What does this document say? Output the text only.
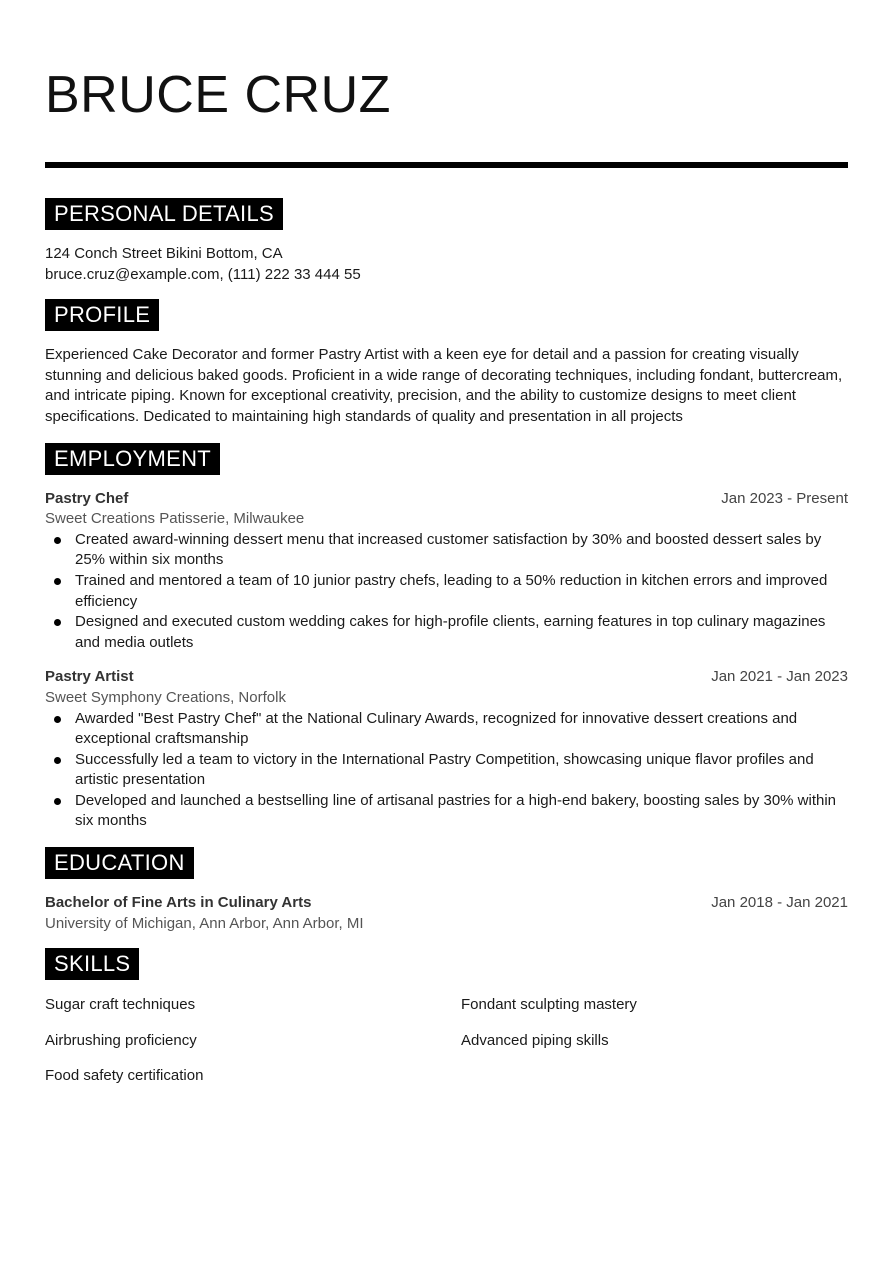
BRUCE CRUZ
PERSONAL DETAILS
124 Conch Street Bikini Bottom, CA
bruce.cruz@example.com, (111) 222 33 444 55
PROFILE
Experienced Cake Decorator and former Pastry Artist with a keen eye for detail and a passion for creating visually stunning and delicious baked goods. Proficient in a wide range of decorating techniques, including fondant, buttercream, and intricate piping. Known for exceptional creativity, precision, and the ability to customize designs to meet client specifications. Dedicated to maintaining high standards of quality and presentation in all projects
EMPLOYMENT
Pastry Chef	Jan 2023 - Present
Sweet Creations Patisserie, Milwaukee
Created award-winning dessert menu that increased customer satisfaction by 30% and boosted dessert sales by 25% within six months
Trained and mentored a team of 10 junior pastry chefs, leading to a 50% reduction in kitchen errors and improved efficiency
Designed and executed custom wedding cakes for high-profile clients, earning features in top culinary magazines and media outlets
Pastry Artist	Jan 2021 - Jan 2023
Sweet Symphony Creations, Norfolk
Awarded "Best Pastry Chef" at the National Culinary Awards, recognized for innovative dessert creations and exceptional craftsmanship
Successfully led a team to victory in the International Pastry Competition, showcasing unique flavor profiles and artistic presentation
Developed and launched a bestselling line of artisanal pastries for a high-end bakery, boosting sales by 30% within six months
EDUCATION
Bachelor of Fine Arts in Culinary Arts	Jan 2018 - Jan 2021
University of Michigan, Ann Arbor, Ann Arbor, MI
SKILLS
Sugar craft techniques	Fondant sculpting mastery
Airbrushing proficiency	Advanced piping skills
Food safety certification
